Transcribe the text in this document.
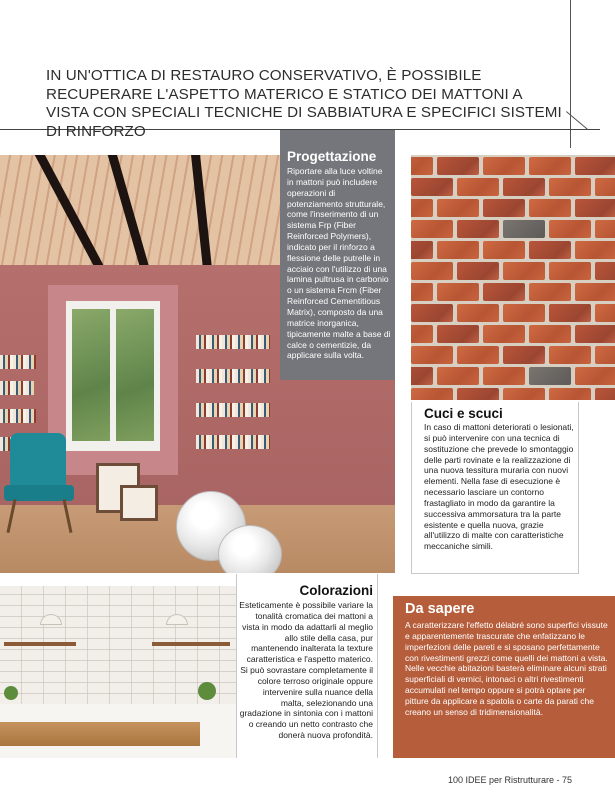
IN UN'OTTICA DI RESTAURO CONSERVATIVO, È POSSIBILE RECUPERARE L'ASPETTO MATERICO E STATICO DEI MATTONI A VISTA CON SPECIALI TECNICHE DI SABBIATURA E SPECIFICI SISTEMI DI RINFORZO
Progettazione

Riportare alla luce voltine in mattoni può includere operazioni di potenziamento strutturale, come l'inserimento di un sistema Frp (Fiber Reinforced Polymers), indicato per il rinforzo a flessione delle putrelle in acciaio con l'utilizzo di una lamina pultrusa in carbonio o un sistema Frcm (Fiber Reinforced Cementitious Matrix), composto da una matrice inorganica, tipicamente malte a base di calce o cementizie, da applicare sulla volta.

Cuci e scuci

In caso di mattoni deteriorati o lesionati, si può intervenire con una tecnica di sostituzione che prevede lo smontaggio delle parti rovinate e la realizzazione di una nuova tessitura muraria con nuovi elementi. Nella fase di esecuzione è necessario lasciare un contorno frastagliato in modo da garantire la successiva ammorsatura tra la parte esistente e quella nuova, grazie all'utilizzo di malte con caratteristiche meccaniche simili.

Colorazioni

Esteticamente è possibile variare la tonalità cromatica dei mattoni a vista in modo da adattarli al meglio allo stile della casa, pur mantenendo inalterata la texture caratteristica e l'aspetto materico. Si può sovrastare completamente il colore terroso originale oppure intervenire sulla nuance della malta, selezionando una gradazione in sintonia con i mattoni o creando un netto contrasto che donerà nuova profondità.

Da sapere

A caratterizzare l'effetto délabré sono superfici vissute e apparentemente trascurate che enfatizzano le imperfezioni delle pareti e si sposano perfettamente con rivestimenti grezzi come quelli dei mattoni a vista. Nelle vecchie abitazioni basterà eliminare alcuni strati superficiali di vernici, intonaci o altri rivestimenti accumulati nel tempo oppure si potrà optare per pitture da applicare a spatola o carte da parati che creano un senso di tridimensionalità.

100 IDEE per Ristrutturare - 75
